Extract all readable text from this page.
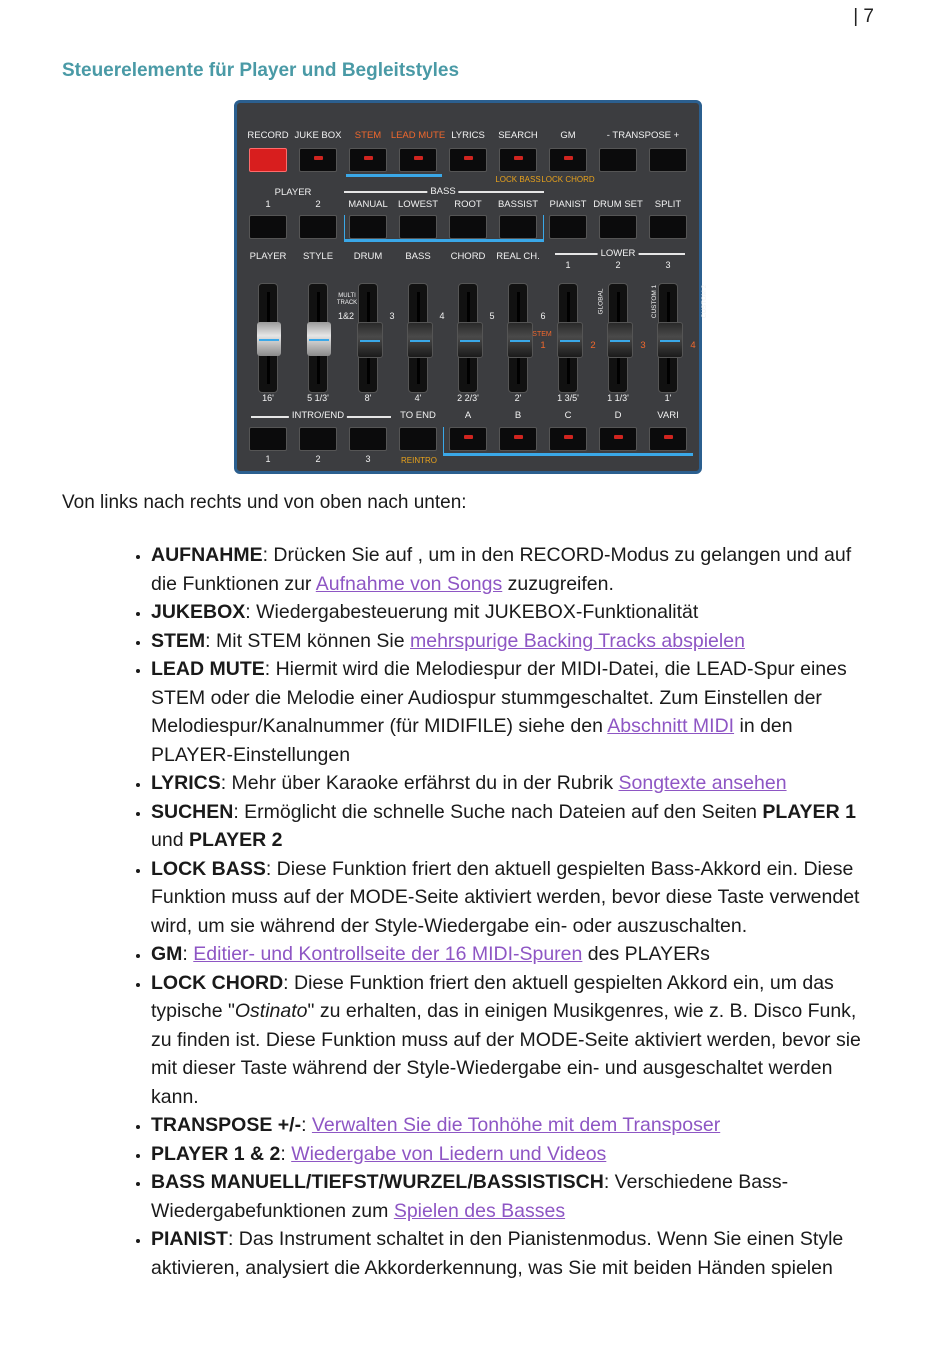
| 7
Steuerelemente für Player und Begleitstyles
RECORD JUKE BOX STEM LEAD MUTE LYRICS SEARCH GM	- TRANSPOSE +
LOCK BASS LOCK CHORD
PLAYER	BASS
1	2	MANUAL LOWEST ROOT BASSIST PIANIST DRUM SET SPLIT
PLAYER STYLE DRUM BASS CHORD REAL CH.	LOWER
1	2	3
MULTI TRACK
1&2	3	4	5	6
GLOBAL	CUSTOM 1	CUSTOM 2
STEM
1	2	3	4
16'	5 1/3'	8'	4'	2 2/3'	2'	1 3/5'	1 1/3'	1'
INTRO/END	TO END	A	B	C	D	VARI
1	2	3	REINTRO

Von links nach rechts und von oben nach unten:

• AUFNAHME: Drücken Sie auf , um in den RECORD-Modus zu gelangen und auf die Funktionen zur Aufnahme von Songs zuzugreifen.
• JUKEBOX: Wiedergabesteuerung mit JUKEBOX-Funktionalität
• STEM: Mit STEM können Sie mehrspurige Backing Tracks abspielen
• LEAD MUTE: Hiermit wird die Melodiespur der MIDI-Datei, die LEAD-Spur eines STEM oder die Melodie einer Audiospur stummgeschaltet. Zum Einstellen der Melodiespur/Kanalnummer (für MIDIFILE) siehe den Abschnitt MIDI in den PLAYER-Einstellungen
• LYRICS: Mehr über Karaoke erfährst du in der Rubrik Songtexte ansehen
• SUCHEN: Ermöglicht die schnelle Suche nach Dateien auf den Seiten PLAYER 1 und PLAYER 2
• LOCK BASS: Diese Funktion friert den aktuell gespielten Bass-Akkord ein. Diese Funktion muss auf der MODE-Seite aktiviert werden, bevor diese Taste verwendet wird, um sie während der Style-Wiedergabe ein- oder auszuschalten.
• GM: Editier- und Kontrollseite der 16 MIDI-Spuren des PLAYERs
• LOCK CHORD: Diese Funktion friert den aktuell gespielten Akkord ein, um das typische "Ostinato" zu erhalten, das in einigen Musikgenres, wie z. B. Disco Funk, zu finden ist. Diese Funktion muss auf der MODE-Seite aktiviert werden, bevor sie mit dieser Taste während der Style-Wiedergabe ein- und ausgeschaltet werden kann.
• TRANSPOSE +/-: Verwalten Sie die Tonhöhe mit dem Transposer
• PLAYER 1 & 2: Wiedergabe von Liedern und Videos
• BASS MANUELL/TIEFST/WURZEL/BASSISTISCH: Verschiedene Bass-Wiedergabefunktionen zum Spielen des Basses
• PIANIST: Das Instrument schaltet in den Pianistenmodus. Wenn Sie einen Style aktivieren, analysiert die Akkorderkennung, was Sie mit beiden Händen spielen
